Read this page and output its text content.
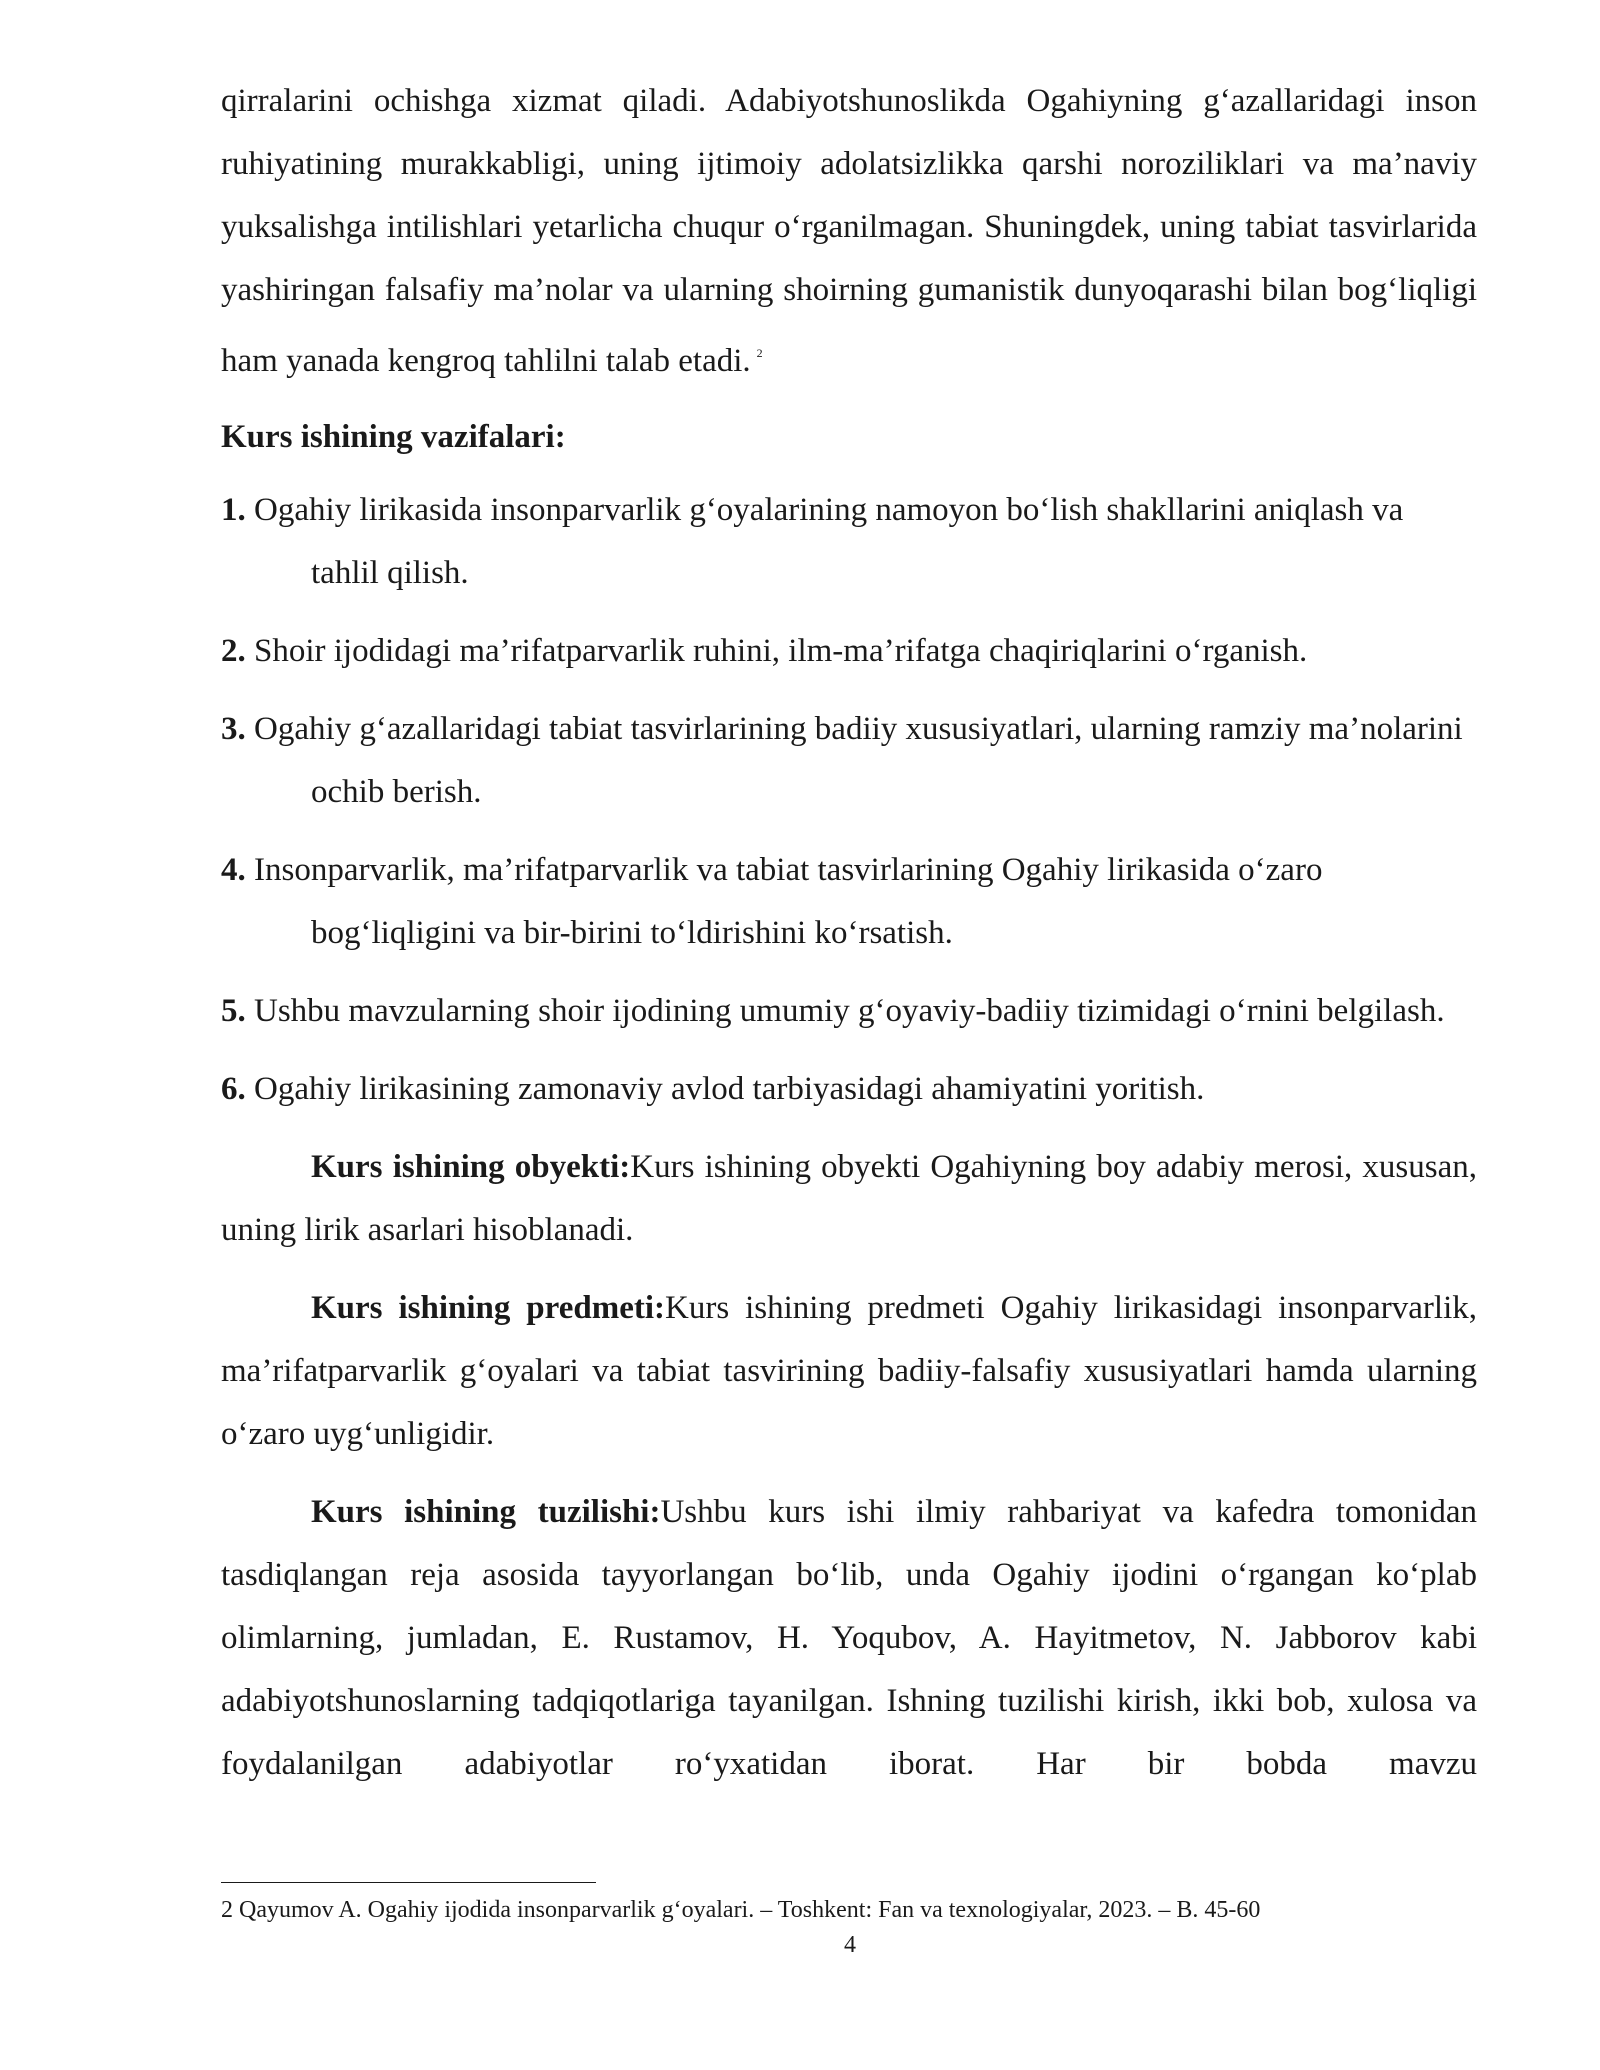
qirralarini ochishga xizmat qiladi. Adabiyotshunoslikda Ogahiyning g‘azallaridagi inson ruhiyatining murakkabligi, uning ijtimoiy adolatsizlikka qarshi noroziliklari va ma’naviy yuksalishga intilishlari yetarlicha chuqur o‘rganilmagan. Shuningdek, uning tabiat tasvirlarida yashiringan falsafiy ma’nolar va ularning shoirning gumanistik dunyoqarashi bilan bog‘liqligi ham yanada kengroq tahlilni talab etadi. $^2$

Kurs ishining vazifalari:
1. Ogahiy lirikasida insonparvarlik g‘oyalarining namoyon bo‘lish shakllarini aniqlash va tahlil qilish.
2. Shoir ijodidagi ma’rifatparvarlik ruhini, ilm-ma’rifatga chaqiriqlarini o‘rganish.
3. Ogahiy g‘azallaridagi tabiat tasvirlarining badiiy xususiyatlari, ularning ramziy ma’nolarini ochib berish.
4. Insonparvarlik, ma’rifatparvarlik va tabiat tasvirlarining Ogahiy lirikasida o‘zaro bog‘liqligini va bir-birini to‘ldirishini ko‘rsatish.
5. Ushbu mavzularning shoir ijodining umumiy g‘oyaviy-badiiy tizimidagi o‘rnini belgilash.
6. Ogahiy lirikasining zamonaviy avlod tarbiyasidagi ahamiyatini yoritish.

Kurs ishining obyekti:Kurs ishining obyekti Ogahiyning boy adabiy merosi, xususan, uning lirik asarlari hisoblanadi.

Kurs ishining predmeti:Kurs ishining predmeti Ogahiy lirikasidagi insonparvarlik, ma’rifatparvarlik g‘oyalari va tabiat tasvirining badiiy-falsafiy xususiyatlari hamda ularning o‘zaro uyg‘unligidir.

Kurs ishining tuzilishi:Ushbu kurs ishi ilmiy rahbariyat va kafedra tomonidan tasdiqlangan reja asosida tayyorlangan bo‘lib, unda Ogahiy ijodini o‘rgangan ko‘plab olimlarning, jumladan, E. Rustamov, H. Yoqubov, A. Hayitmetov, N. Jabborov kabi adabiyotshunoslarning tadqiqotlariga tayanilgan. Ishning tuzilishi kirish, ikki bob, xulosa va foydalanilgan adabiyotlar ro‘yxatidan iborat. Har bir bobda mavzu

2 Qayumov A. Ogahiy ijodida insonparvarlik g‘oyalari. – Toshkent: Fan va texnologiyalar, 2023. – B. 45-60

4
